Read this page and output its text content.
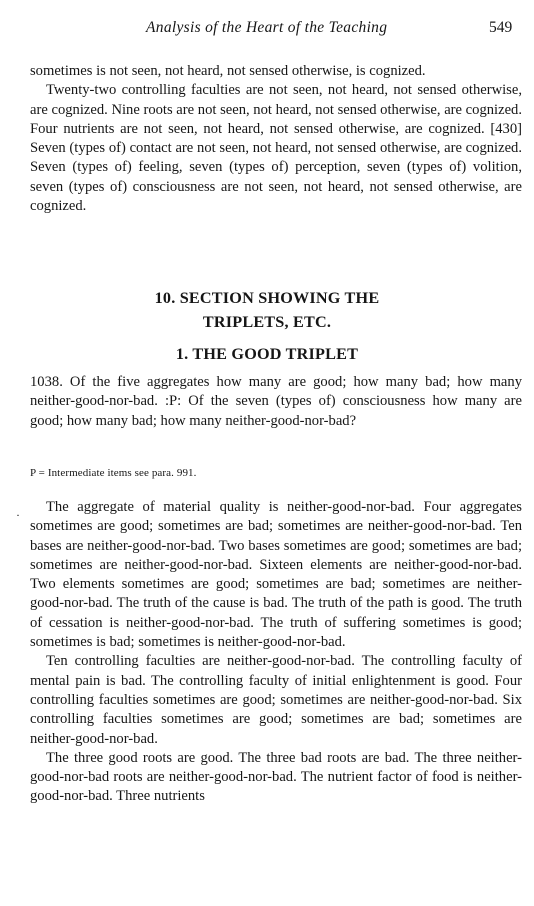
Analysis of the Heart of the Teaching	549

sometimes is not seen, not heard, not sensed otherwise, is cognized.

Twenty-two controlling faculties are not seen, not heard, not sensed otherwise, are cognized. Nine roots are not seen, not heard, not sensed otherwise, are cognized. Four nutrients are not seen, not heard, not sensed otherwise, are cognized. [430] Seven (types of) contact are not seen, not heard, not sensed otherwise, are cognized. Seven (types of) feeling, seven (types of) perception, seven (types of) volition, seven (types of) consciousness are not seen, not heard, not sensed otherwise, are cognized.

10. SECTION SHOWING THE
TRIPLETS, ETC.
1. THE GOOD TRIPLET

1038. Of the five aggregates how many are good; how many bad; how many neither-good-nor-bad. :P: Of the seven (types of) consciousness how many are good; how many bad; how many neither-good-nor-bad?

P = Intermediate items see para. 991.
·	The aggregate of material quality is neither-good-nor-bad. Four aggregates sometimes are good; sometimes are bad; sometimes are neither-good-nor-bad. Ten bases are neither-good-nor-bad. Two bases sometimes are good; sometimes are bad; sometimes are neither-good-nor-bad. Sixteen elements are neither-good-nor-bad. Two elements sometimes are good; sometimes are bad; sometimes are neither-good-nor-bad. The truth of the cause is bad. The truth of the path is good. The truth of cessation is neither-good-nor-bad. The truth of suffering sometimes is good; sometimes is bad; sometimes is neither-good-nor-bad.

Ten controlling faculties are neither-good-nor-bad. The controlling faculty of mental pain is bad. The controlling faculty of initial enlightenment is good. Four controlling faculties sometimes are good; sometimes are neither-good-nor-bad. Six controlling faculties sometimes are good; sometimes are bad; sometimes are neither-good-nor-bad.

The three good roots are good. The three bad roots are bad. The three neither-good-nor-bad roots are neither-good-nor-bad. The nutrient factor of food is neither-good-nor-bad. Three nutrients
